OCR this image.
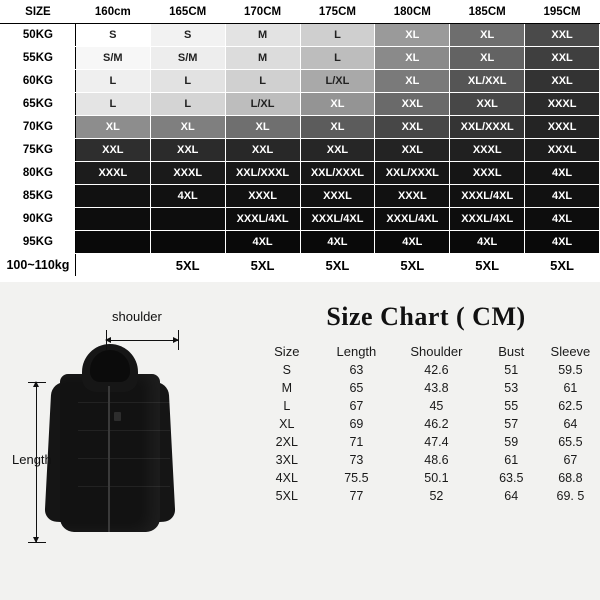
SIZE	160cm	165CM	170CM	175CM	180CM	185CM	195CM
50KG	S	S	M	L	XL	XL	XXL
55KG	S/M	S/M	M	L	XL	XL	XXL
60KG	L	L	L	L/XL	XL	XL/XXL	XXL
65KG	L	L	L/XL	XL	XXL	XXL	XXXL
70KG	XL	XL	XL	XL	XXL	XXL/XXXL	XXXL
75KG	XXL	XXL	XXL	XXL	XXL	XXXL	XXXL
80KG	XXXL	XXXL	XXL/XXXL	XXL/XXXL	XXL/XXXL	XXXL	4XL
85KG		4XL	XXXL	XXXL	XXXL	XXXL/4XL	4XL
90KG			XXXL/4XL	XXXL/4XL	XXXL/4XL	XXXL/4XL	4XL
95KG			4XL	4XL	4XL	4XL	4XL
100~110kg		5XL	5XL	5XL	5XL	5XL	5XL
shoulder
Length
Size Chart ( CM)
Size	Length	Shoulder	Bust	Sleeve
S	63	42.6	51	59.5
M	65	43.8	53	61
L	67	45	55	62.5
XL	69	46.2	57	64
2XL	71	47.4	59	65.5
3XL	73	48.6	61	67
4XL	75.5	50.1	63.5	68.8
5XL	77	52	64	69. 5
